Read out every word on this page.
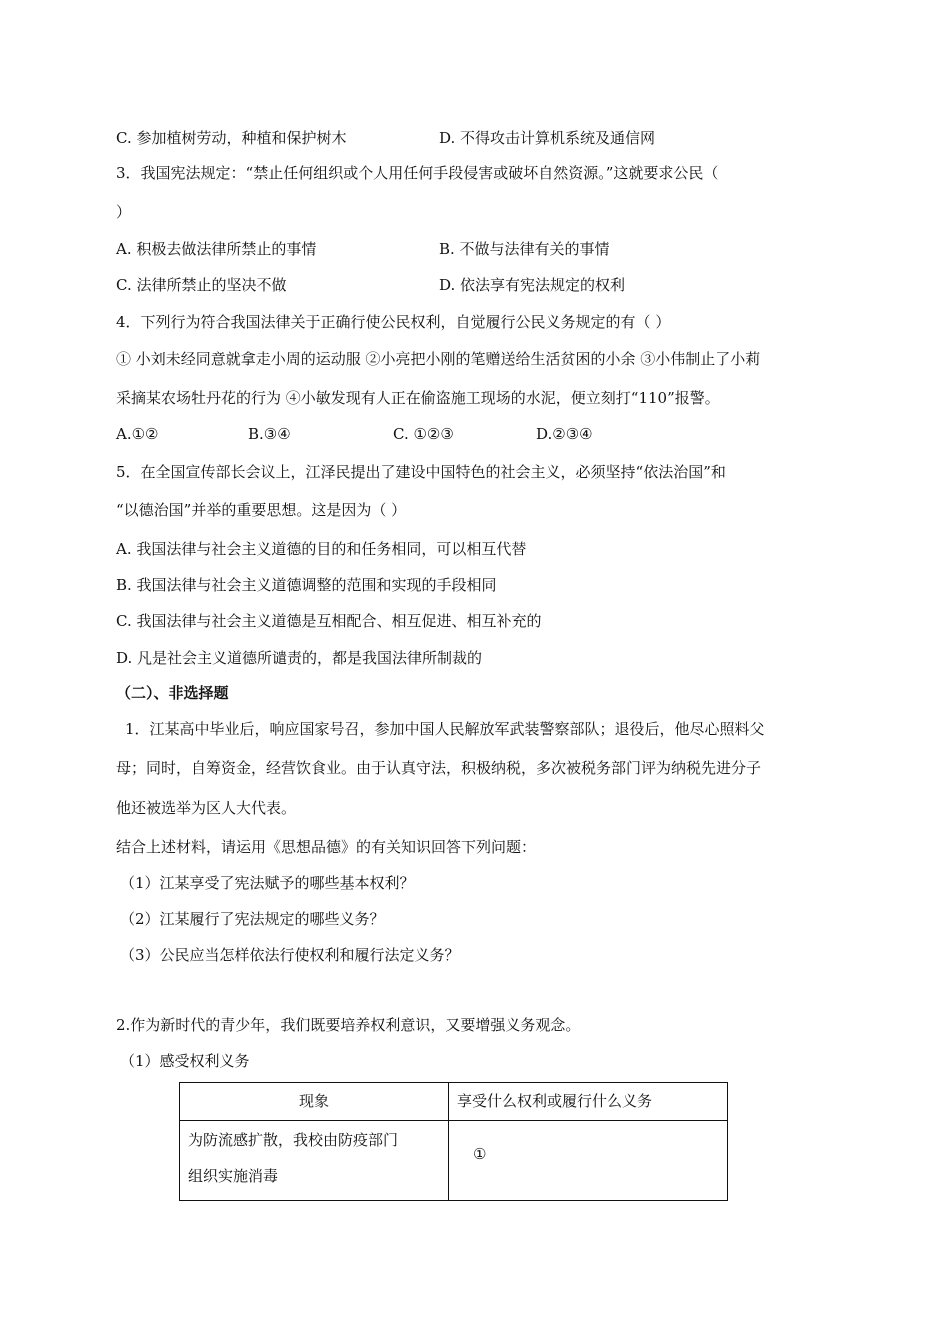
C. 参加植树劳动，种植和保护树木	D. 不得攻击计算机系统及通信网
3．我国宪法规定：“禁止任何组织或个人用任何手段侵害或破坏自然资源。”这就要求公民（
）
A. 积极去做法律所禁止的事情	B. 不做与法律有关的事情
C. 法律所禁止的坚决不做	D. 依法享有宪法规定的权利
4．下列行为符合我国法律关于正确行使公民权利，自觉履行公民义务规定的有（ ）
① 小刘未经同意就拿走小周的运动服 ②小亮把小刚的笔赠送给生活贫困的小余 ③小伟制止了小莉
采摘某农场牡丹花的行为 ④小敏发现有人正在偷盗施工现场的水泥，便立刻打“110”报警。
A.①②	B.③④	C. ①②③	D.②③④
5．在全国宣传部长会议上，江泽民提出了建设中国特色的社会主义，必须坚持“依法治国”和
“以德治国”并举的重要思想。这是因为（ ）
A. 我国法律与社会主义道德的目的和任务相同，可以相互代替
B. 我国法律与社会主义道德调整的范围和实现的手段相同
C. 我国法律与社会主义道德是互相配合、相互促进、相互补充的
D. 凡是社会主义道德所谴责的，都是我国法律所制裁的
（二）、非选择题
1．江某高中毕业后，响应国家号召，参加中国人民解放军武装警察部队；退役后，他尽心照料父
母；同时，自筹资金，经营饮食业。由于认真守法，积极纳税，多次被税务部门评为纳税先进分子
他还被选举为区人大代表。
结合上述材料，请运用《思想品德》的有关知识回答下列问题：
（1）江某享受了宪法赋予的哪些基本权利？
（2）江某履行了宪法规定的哪些义务？
（3）公民应当怎样依法行使权利和履行法定义务？
2.作为新时代的青少年，我们既要培养权利意识，又要增强义务观念。
（1）感受权利义务
现象	享受什么权利或履行什么义务

为防流感扩散，我校由防疫部门
组织实施消毒	①
